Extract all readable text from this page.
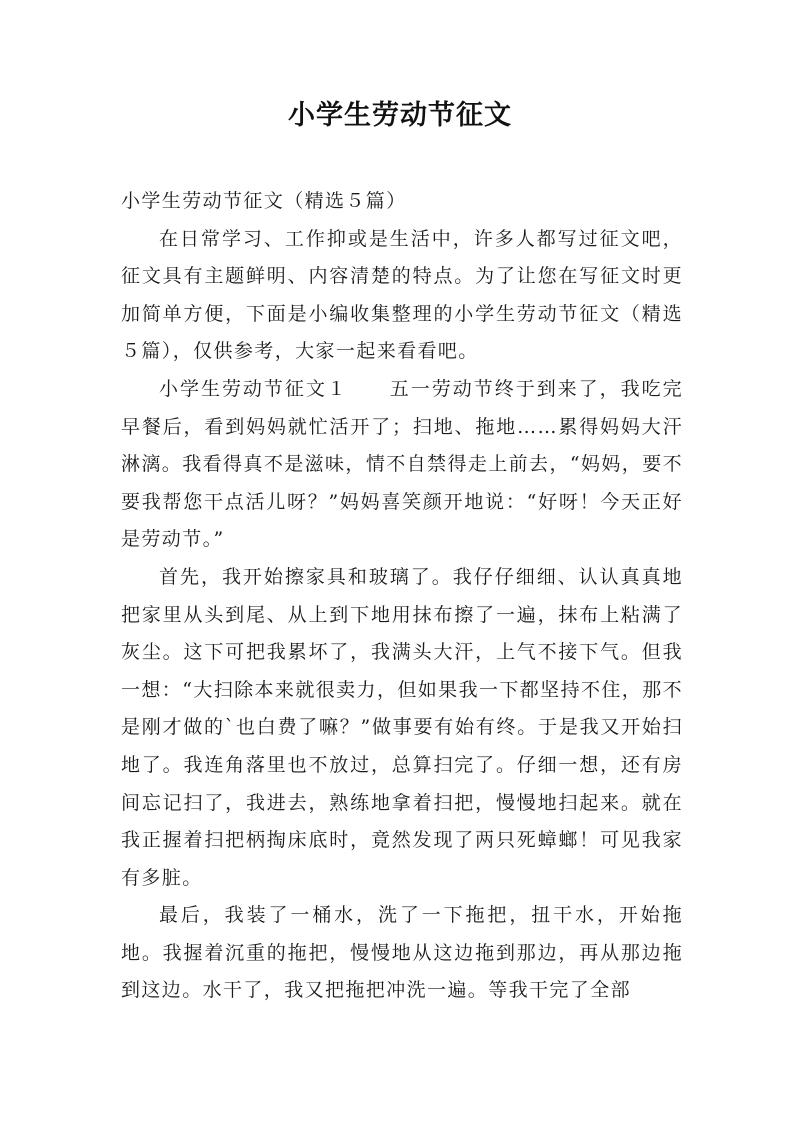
小学生劳动节征文

小学生劳动节征文（精选５篇）

在日常学习、工作抑或是生活中，许多人都写过征文吧，征文具有主题鲜明、内容清楚的特点。为了让您在写征文时更加简单方便，下面是小编收集整理的小学生劳动节征文（精选５篇），仅供参考，大家一起来看看吧。

小学生劳动节征文１　　五一劳动节终于到来了，我吃完早餐后，看到妈妈就忙活开了；扫地、拖地……累得妈妈大汗淋漓。我看得真不是滋味，情不自禁得走上前去，“妈妈，要不要我帮您干点活儿呀？”妈妈喜笑颜开地说：“好呀！今天正好是劳动节。”

首先，我开始擦家具和玻璃了。我仔仔细细、认认真真地把家里从头到尾、从上到下地用抹布擦了一遍，抹布上粘满了灰尘。这下可把我累坏了，我满头大汗，上气不接下气。但我一想：“大扫除本来就很卖力，但如果我一下都坚持不住，那不是刚才做的`也白费了嘛？”做事要有始有终。于是我又开始扫地了。我连角落里也不放过，总算扫完了。仔细一想，还有房间忘记扫了，我进去，熟练地拿着扫把，慢慢地扫起来。就在我正握着扫把柄掏床底时，竟然发现了两只死蟑螂！可见我家有多脏。

最后，我装了一桶水，洗了一下拖把，扭干水，开始拖地。我握着沉重的拖把，慢慢地从这边拖到那边，再从那边拖到这边。水干了，我又把拖把冲洗一遍。等我干完了全部
